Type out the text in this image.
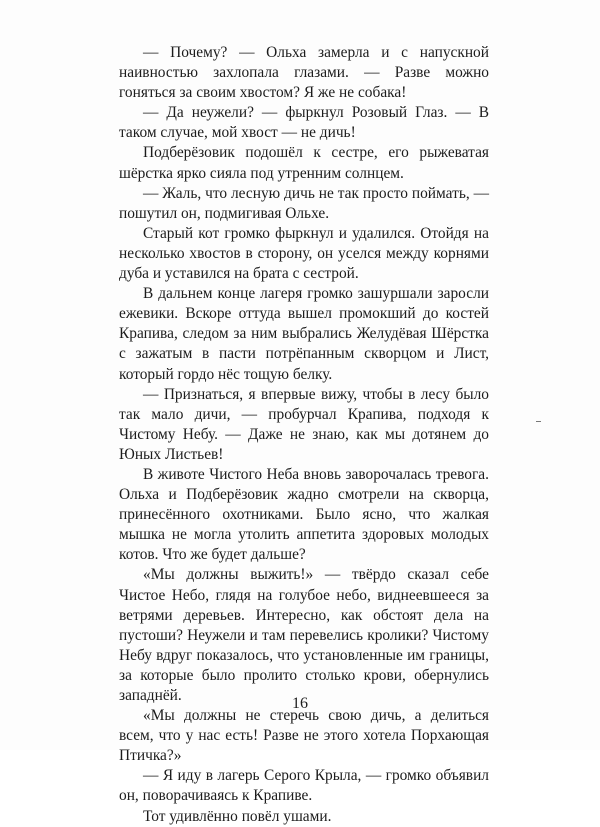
— Почему? — Ольха замерла и с напускной наивностью захлопала глазами. — Разве можно гоняться за своим хвостом? Я же не собака!

— Да неужели? — фыркнул Розовый Глаз. — В таком случае, мой хвост — не дичь!

Подберёзовик подошёл к сестре, его рыжеватая шёрстка ярко сияла под утренним солнцем.

— Жаль, что лесную дичь не так просто поймать, — пошутил он, подмигивая Ольхе.

Старый кот громко фыркнул и удалился. Отойдя на несколько хвостов в сторону, он уселся между корнями дуба и уставился на брата с сестрой.

В дальнем конце лагеря громко зашуршали заросли ежевики. Вскоре оттуда вышел промокший до костей Крапива, следом за ним выбрались Желудёвая Шёрстка с зажатым в пасти потрёпанным скворцом и Лист, который гордо нёс тощую белку.

— Признаться, я впервые вижу, чтобы в лесу было так мало дичи, — пробурчал Крапива, подходя к Чистому Небу. — Даже не знаю, как мы дотянем до Юных Листьев!

В животе Чистого Неба вновь заворочалась тревога. Ольха и Подберёзовик жадно смотрели на скворца, принесённого охотниками. Было ясно, что жалкая мышка не могла утолить аппетита здоровых молодых котов. Что же будет дальше?

«Мы должны выжить!» — твёрдо сказал себе Чистое Небо, глядя на голубое небо, виднеевшееся за ветрями деревьев. Интересно, как обстоят дела на пустоши? Неужели и там перевелись кролики? Чистому Небу вдруг показалось, что установленные им границы, за которые было пролито столько крови, обернулись западнёй.

«Мы должны не стеречь свою дичь, а делиться всем, что у нас есть! Разве не этого хотела Порхающая Птичка?»

— Я иду в лагерь Серого Крыла, — громко объявил он, поворачиваясь к Крапиве.

Тот удивлённо повёл ушами.

16
